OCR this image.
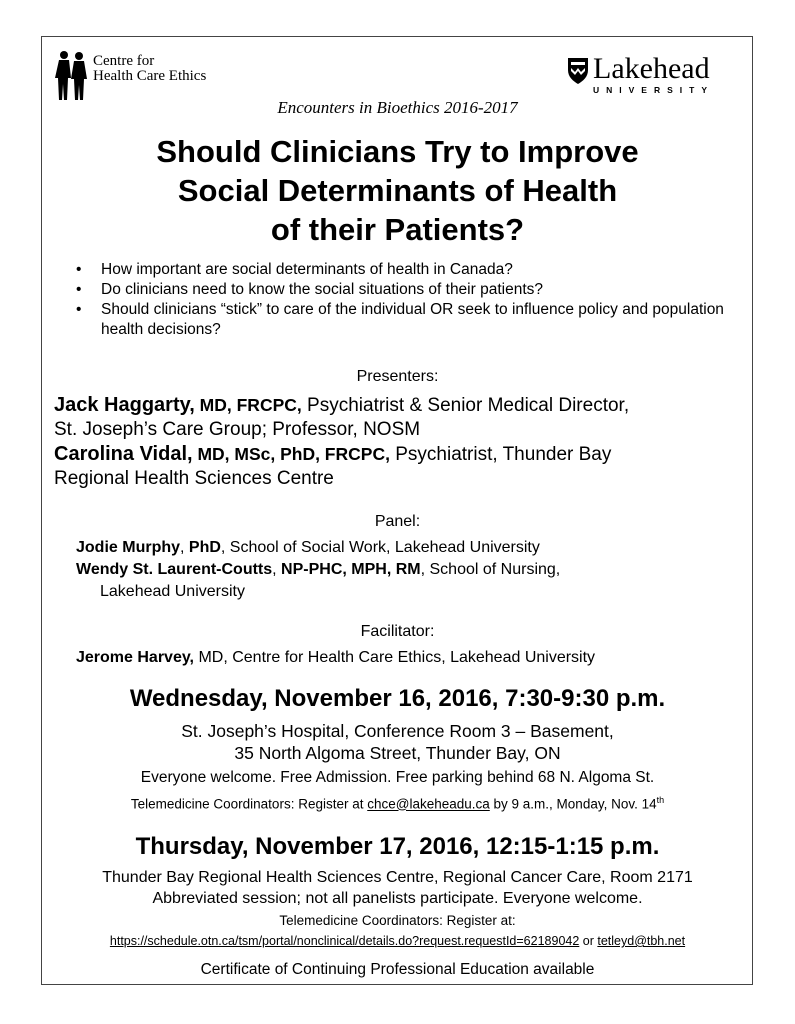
Centre for
Health Care Ethics	Lakehead
UNIVERSITY
Encounters in Bioethics 2016-2017
Should Clinicians Try to Improve
Social Determinants of Health
of their Patients?
• How important are social determinants of health in Canada?
• Do clinicians need to know the social situations of their patients?
• Should clinicians “stick” to care of the individual OR seek to influence policy and population health decisions?
Presenters:
Jack Haggarty, MD, FRCPC, Psychiatrist & Senior Medical Director,
St. Joseph’s Care Group; Professor, NOSM
Carolina Vidal, MD, MSc, PhD, FRCPC, Psychiatrist, Thunder Bay
Regional Health Sciences Centre
Panel:
Jodie Murphy, PhD, School of Social Work, Lakehead University
Wendy St. Laurent-Coutts, NP-PHC, MPH, RM, School of Nursing,
Lakehead University
Facilitator:
Jerome Harvey, MD, Centre for Health Care Ethics, Lakehead University
Wednesday, November 16, 2016, 7:30-9:30 p.m.
St. Joseph’s Hospital, Conference Room 3 – Basement,
35 North Algoma Street, Thunder Bay, ON
Everyone welcome. Free Admission. Free parking behind 68 N. Algoma St.
Telemedicine Coordinators: Register at chce@lakeheadu.ca by 9 a.m., Monday, Nov. 14th
Thursday, November 17, 2016, 12:15-1:15 p.m.
Thunder Bay Regional Health Sciences Centre, Regional Cancer Care, Room 2171
Abbreviated session; not all panelists participate. Everyone welcome.
Telemedicine Coordinators: Register at:
https://schedule.otn.ca/tsm/portal/nonclinical/details.do?request.requestId=62189042 or tetleyd@tbh.net
Certificate of Continuing Professional Education available
